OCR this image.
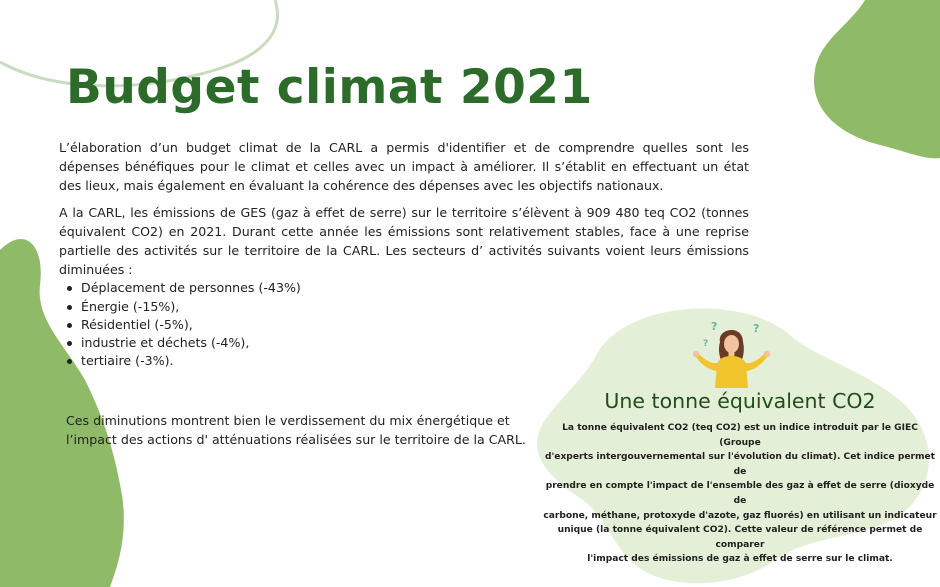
?	?
?
Budget climat 2021

L’élaboration d’un budget climat de la CARL a permis d'identifier et de comprendre quelles sont les dépenses bénéfiques pour le climat et celles avec un impact à améliorer. Il s’établit en effectuant un état des lieux, mais également en évaluant la cohérence des dépenses avec les objectifs nationaux.

A la CARL, les émissions de GES (gaz à effet de serre) sur le territoire s’élèvent à 909 480 teq CO2 (tonnes équivalent CO2) en 2021. Durant cette année les émissions sont relativement stables, face à une reprise partielle des activités sur le territoire de la CARL. Les secteurs d’ activités suivants voient leurs émissions diminuées :

Déplacement de personnes (-43%)
Énergie (-15%),
Résidentiel (-5%),
industrie et déchets (-4%),
tertiaire (-3%).
Ces diminutions montrent bien le verdissement du mix énergétique et
l’impact des actions d' atténuations réalisées sur le territoire de la CARL.
Une tonne équivalent CO2
La tonne équivalent CO2 (teq CO2) est un indice introduit par le GIEC (Groupe
d'experts intergouvernemental sur l'évolution du climat). Cet indice permet de
prendre en compte l'impact de l'ensemble des gaz à effet de serre (dioxyde de
carbone, méthane, protoxyde d'azote, gaz fluorés) en utilisant un indicateur
unique (la tonne équivalent CO2). Cette valeur de référence permet de comparer
l'impact des émissions de gaz à effet de serre sur le climat.
